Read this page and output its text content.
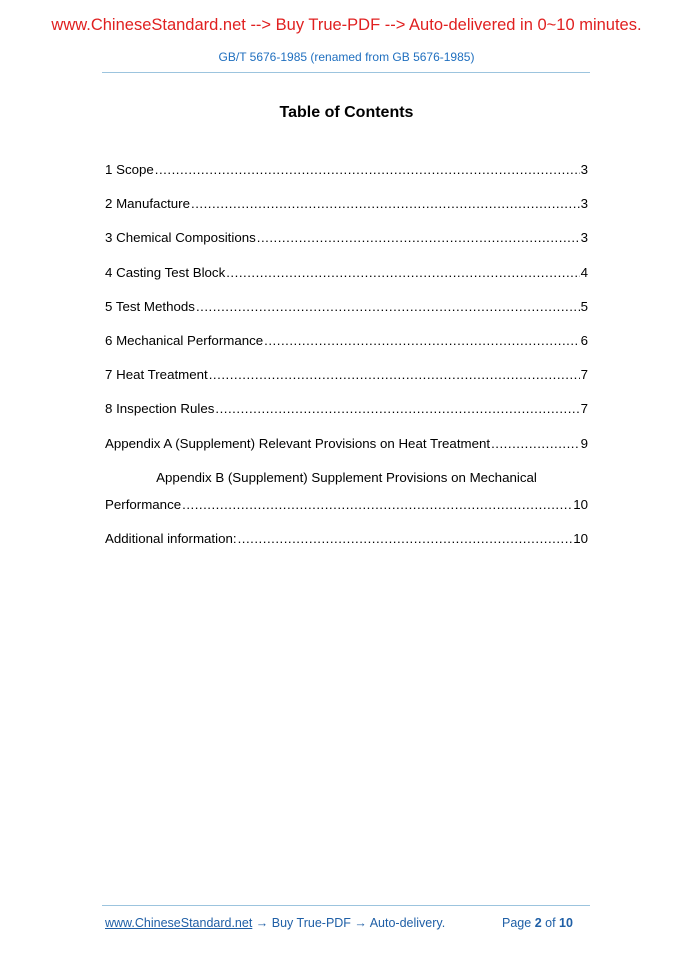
www.ChineseStandard.net --> Buy True-PDF --> Auto-delivered in 0~10 minutes.
GB/T 5676-1985 (renamed from GB 5676-1985)
Table of Contents
1 Scope .....	3
2 Manufacture .....	3
3 Chemical Compositions .....	3
4 Casting Test Block .....	4
5 Test Methods .....	5
6 Mechanical Performance .....	6
7 Heat Treatment .....	7
8 Inspection Rules .....	7
Appendix A (Supplement) Relevant Provisions on Heat Treatment .....	9
Appendix B (Supplement) Supplement Provisions on Mechanical
Performance .....	10
Additional information: .....	10
www.ChineseStandard.net → Buy True-PDF → Auto-delivery.	Page 2 of 10
